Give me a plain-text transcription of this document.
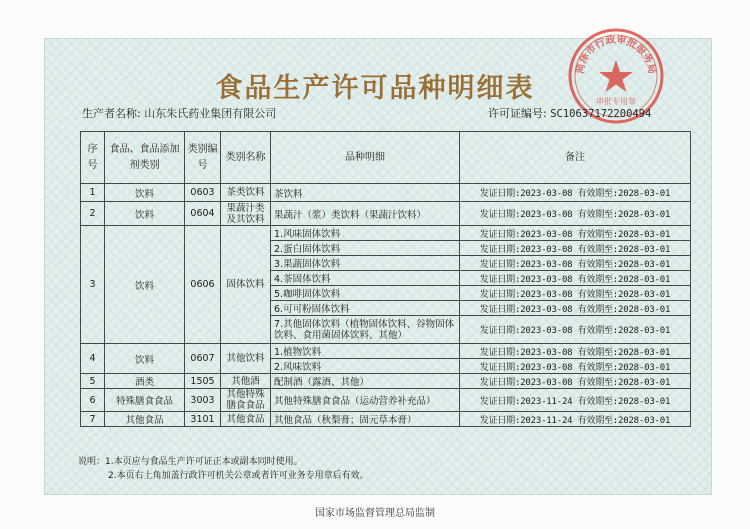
菏泽市行政审批服务局
审批专用章
食品生产许可品种明细表
生产者名称: 山东朱氏药业集团有限公司	许可证编号: SC10637172200494
序号	食品、食品添加剂类别	类别编号	类别名称	品种明细	备注
1	饮料	0603	茶类饮料	茶饮料	发证日期:2023-03-08 有效期至:2028-03-01
2	饮料	0604	果蔬汁类及其饮料	果蔬汁（浆）类饮料（果蔬汁饮料）	发证日期:2023-03-08 有效期至:2028-03-01
3	饮料	0606	固体饮料	1.风味固体饮料	发证日期:2023-03-08 有效期至:2028-03-01
				2.蛋白固体饮料	发证日期:2023-03-08 有效期至:2028-03-01
				3.果蔬固体饮料	发证日期:2023-03-08 有效期至:2028-03-01
				4.茶固体饮料	发证日期:2023-03-08 有效期至:2028-03-01
				5.咖啡固体饮料	发证日期:2023-03-08 有效期至:2028-03-01
				6.可可粉固体饮料	发证日期:2023-03-08 有效期至:2028-03-01
				7.其他固体饮料（植物固体饮料、谷物固体饮料、食用菌固体饮料、其他）	发证日期:2023-03-08 有效期至:2028-03-01
4	饮料	0607	其他饮料	1.植物饮料	发证日期:2023-03-08 有效期至:2028-03-01
				2.风味饮料	发证日期:2023-03-08 有效期至:2028-03-01
5	酒类	1505	其他酒	配制酒（露酒、其他）	发证日期:2023-03-08 有效期至:2028-03-01
6	特殊膳食食品	3003	其他特殊膳食食品	其他特殊膳食食品（运动营养补充品）	发证日期:2023-11-24 有效期至:2028-03-01
7	其他食品	3101	其他食品	其他食品（秋梨膏；固元草本膏）	发证日期:2023-11-24 有效期至:2028-03-01
说明：1.本页应与食品生产许可证正本或副本同时使用。
2.本页右上角加盖行政许可机关公章或者许可业务专用章后有效。
国家市场监督管理总局监制
